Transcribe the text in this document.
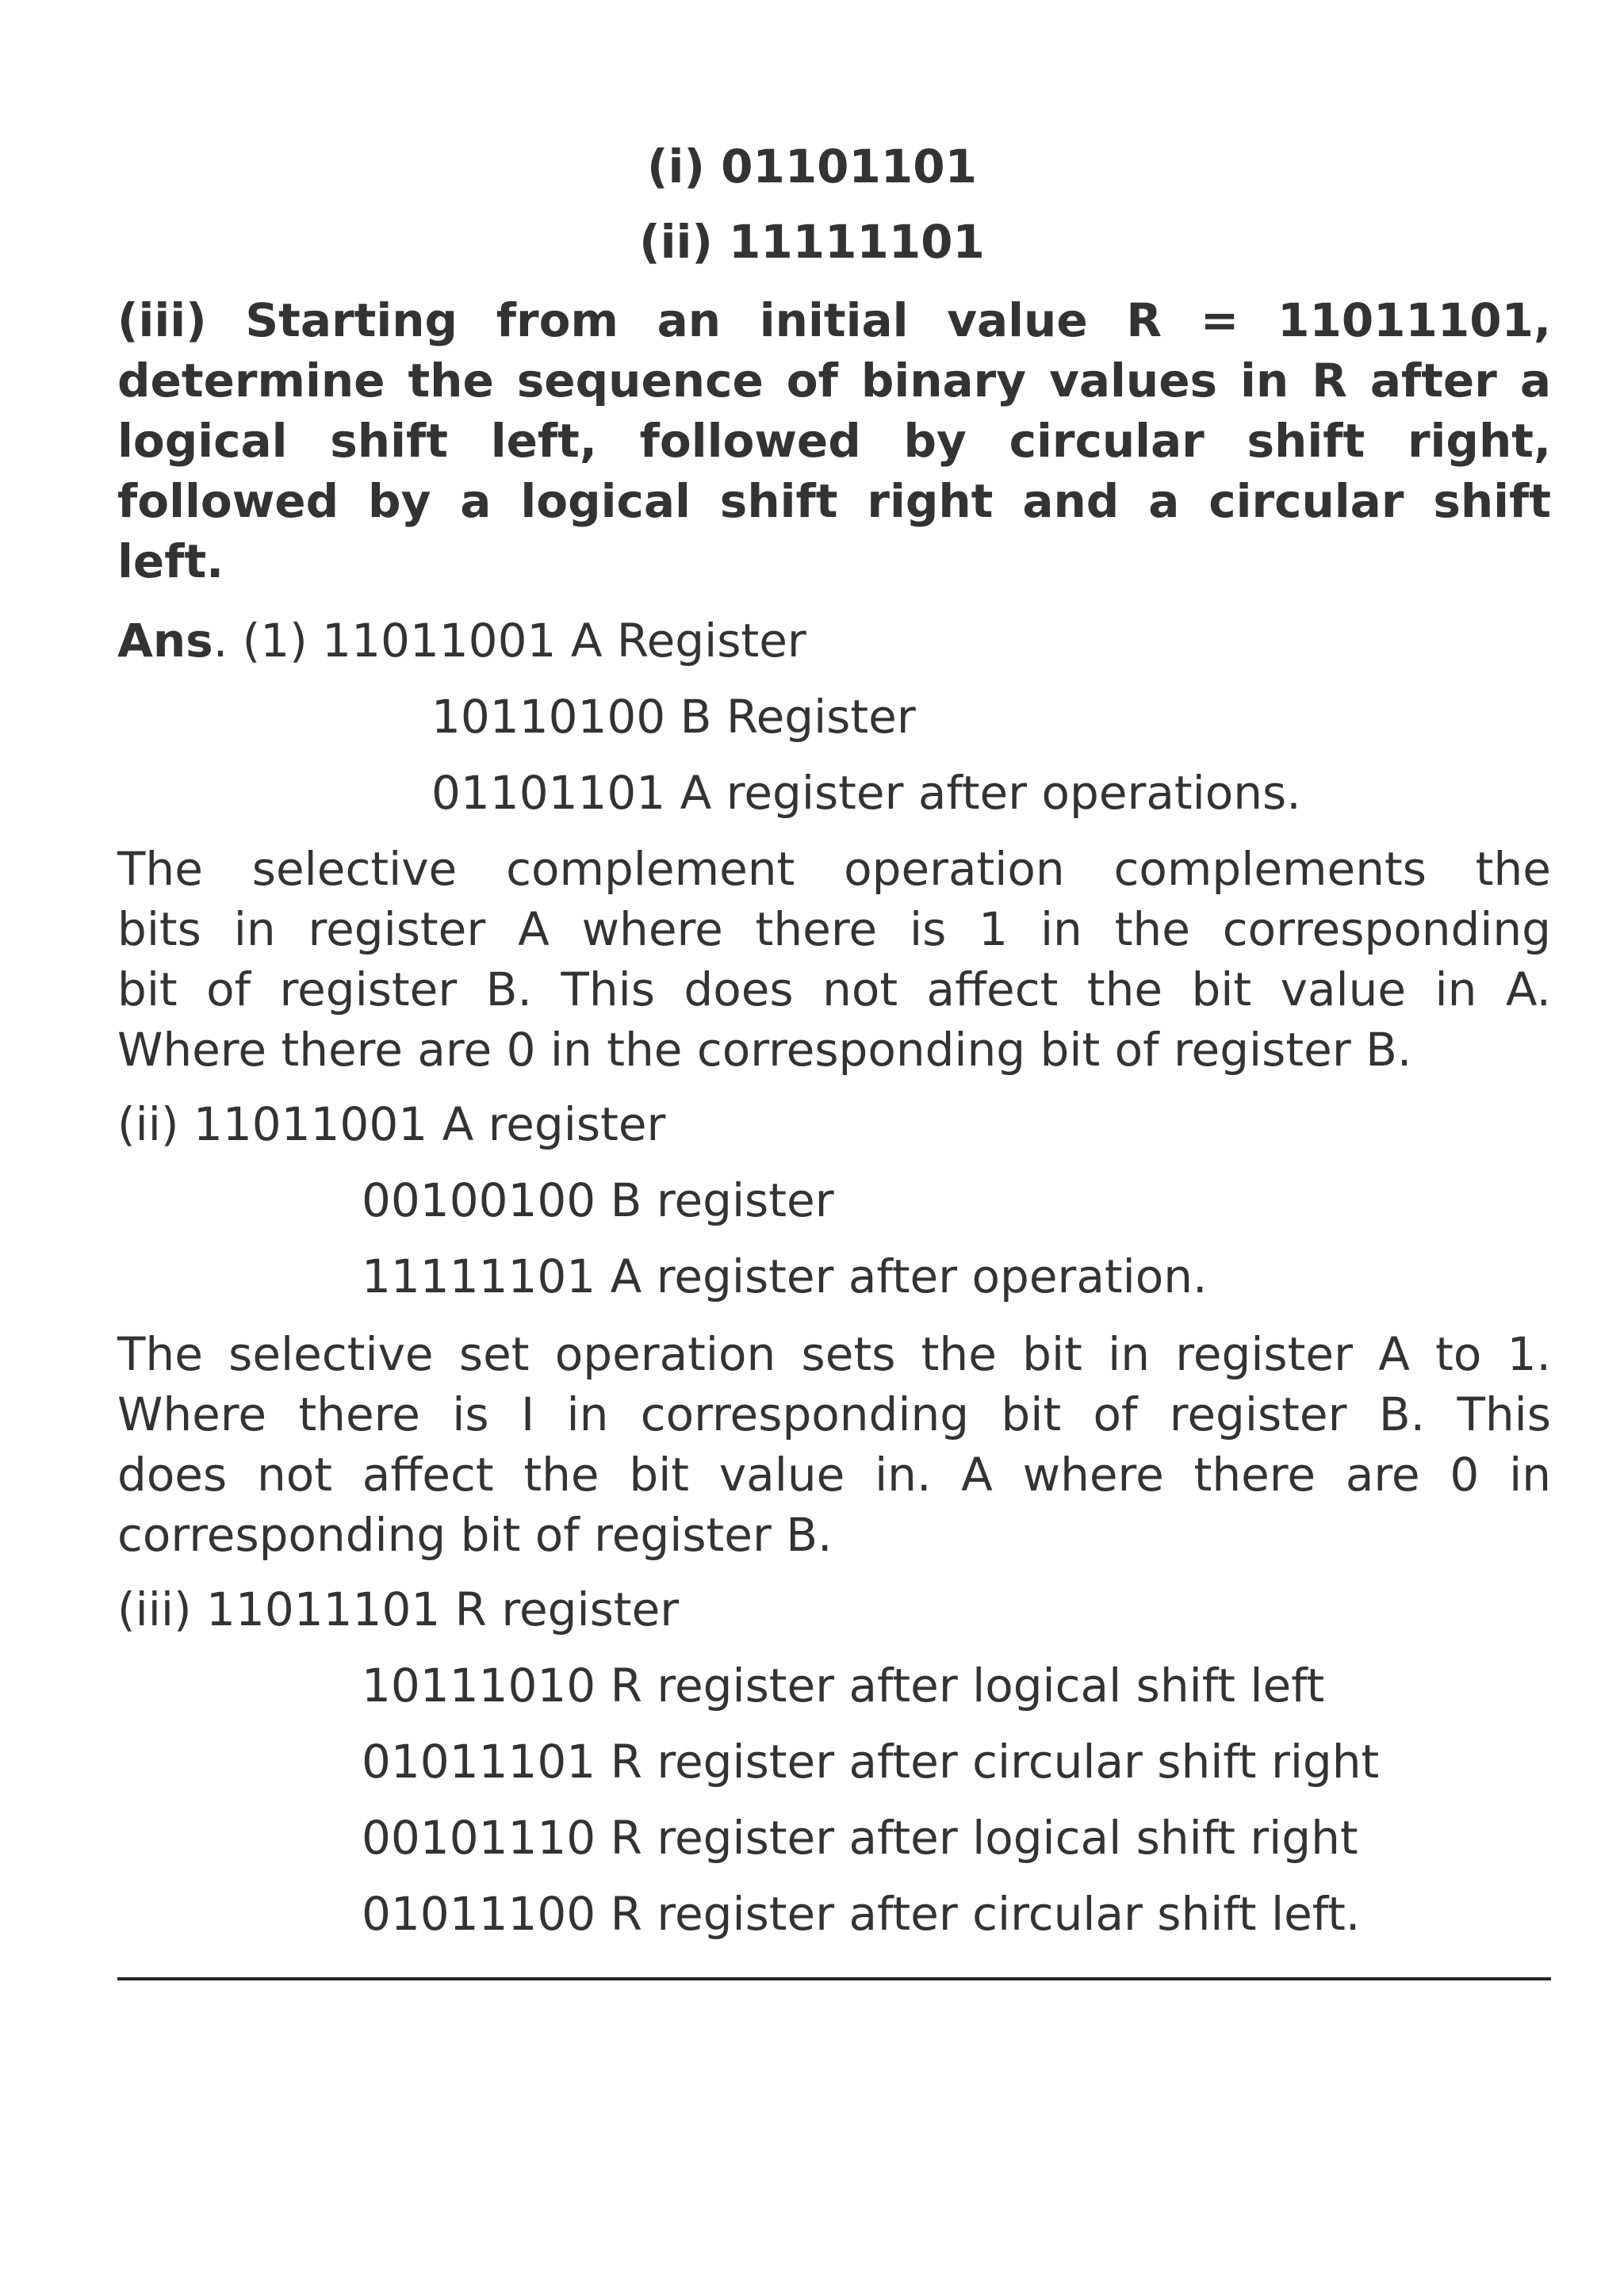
(i) 01101101

(ii) 11111101

(iii) Starting from an initial value R = 11011101, determine the sequence of binary values in R after a logical shift left, followed by circular shift right, followed by a logical shift right and a circular shift left.

Ans. (1) 11011001 A Register

10110100 B Register

01101101 A register after operations.

The selective complement operation complements the

bits in register A where there is 1 in the corresponding

bit of register B. This does not affect the bit value in A.

Where there are 0 in the corresponding bit of register B.

(ii) 11011001 A register

00100100 B register

11111101 A register after operation.

The selective set operation sets the bit in register A to 1.

Where there is I in corresponding bit of register B. This

does not affect the bit value in. A where there are 0 in

corresponding bit of register B.

(iii) 11011101 R register

10111010 R register after logical shift left

01011101 R register after circular shift right

00101110 R register after logical shift right

01011100 R register after circular shift left.
